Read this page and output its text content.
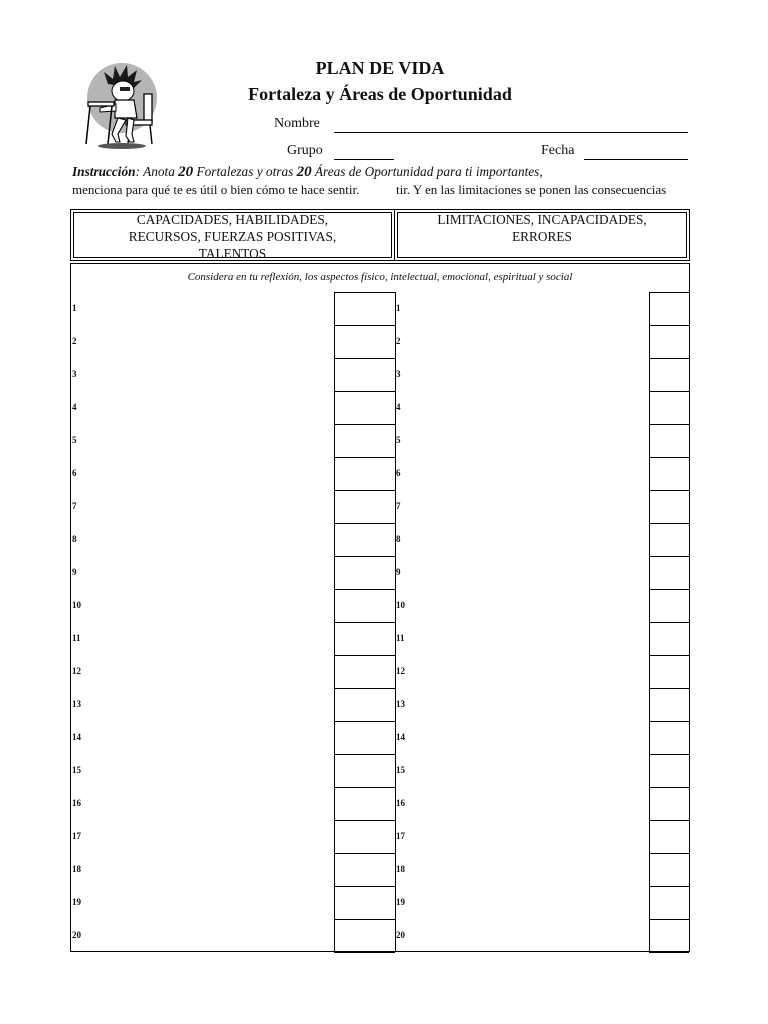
PLAN DE VIDA
Fortaleza y Áreas de Oportunidad
Nombre
Grupo	Fecha
Instrucción: Anota 20 Fortalezas y otras 20 Áreas de Oportunidad para ti importantes,
menciona para qué te es útil o bien cómo te hace sentir.	tir. Y en las limitaciones se ponen las consecuencias
CAPACIDADES, HABILIDADES, RECURSOS, FUERZAS POSITIVAS, TALENTOS
LIMITACIONES, INCAPACIDADES, ERRORES
Considera en tu reflexión, los aspectos físico, intelectual, emocional, espiritual y social
1	1
2	2
3	3
4	4
5	5
6	6
7	7
8	8
9	9
10	10
11	11
12	12
13	13
14	14
15	15
16	16
17	17
18	18
19	19
20	20
